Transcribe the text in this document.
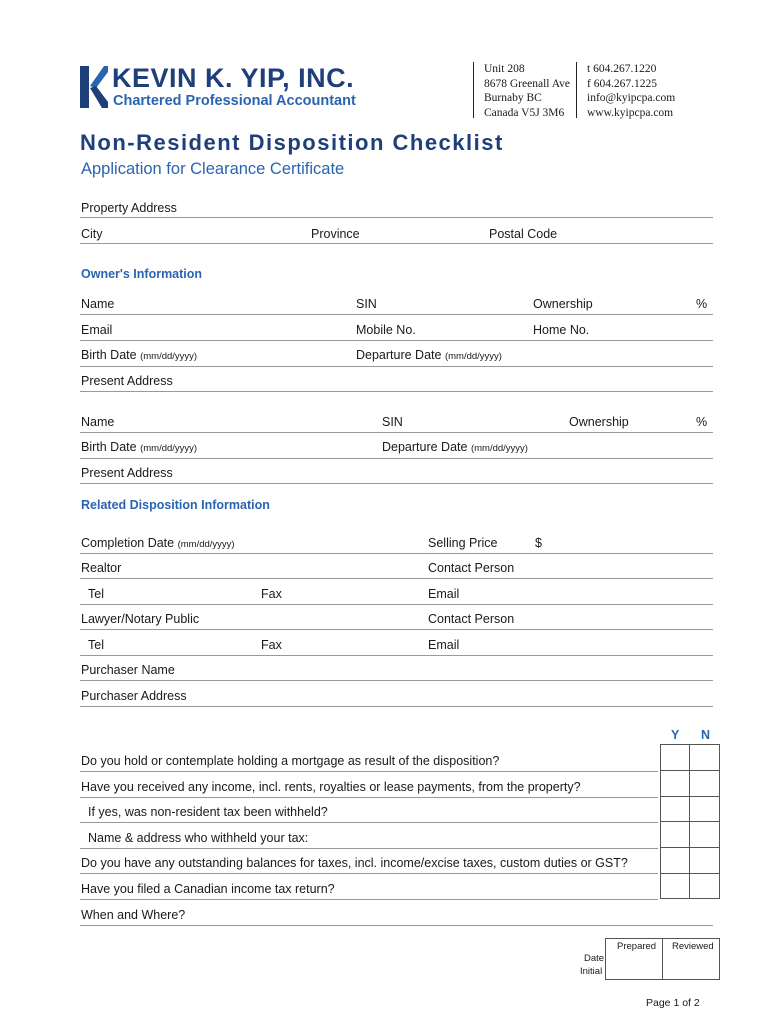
KEVIN K. YIP, INC.
Chartered Professional Accountant
Unit 208
8678 Greenall Ave
Burnaby BC
Canada V5J 3M6
t 604.267.1220
f 604.267.1225
info@kyipcpa.com
www.kyipcpa.com
Non-Resident Disposition Checklist
Application for Clearance Certificate
Property Address
City	Province	Postal Code
Owner's Information
Name	SIN	Ownership	%
Email	Mobile No.	Home No.
Birth Date (mm/dd/yyyy)	Departure Date (mm/dd/yyyy)
Present Address
Name	SIN	Ownership	%
Birth Date (mm/dd/yyyy)	Departure Date (mm/dd/yyyy)
Present Address
Related Disposition Information
Completion Date (mm/dd/yyyy)	Selling Price	$
Realtor	Contact Person
Tel	Fax	Email
Lawyer/Notary Public	Contact Person
Tel	Fax	Email
Purchaser Name
Purchaser Address
Y N
Do you hold or contemplate holding a mortgage as result of the disposition?
Have you received any income, incl. rents, royalties or lease payments, from the property?
If yes, was non-resident tax been withheld?
Name & address who withheld your tax:
Do you have any outstanding balances for taxes, incl. income/excise taxes, custom duties or GST?
Have you filed a Canadian income tax return?
When and Where?
Prepared Reviewed
Date
Initial
Page 1 of 2
